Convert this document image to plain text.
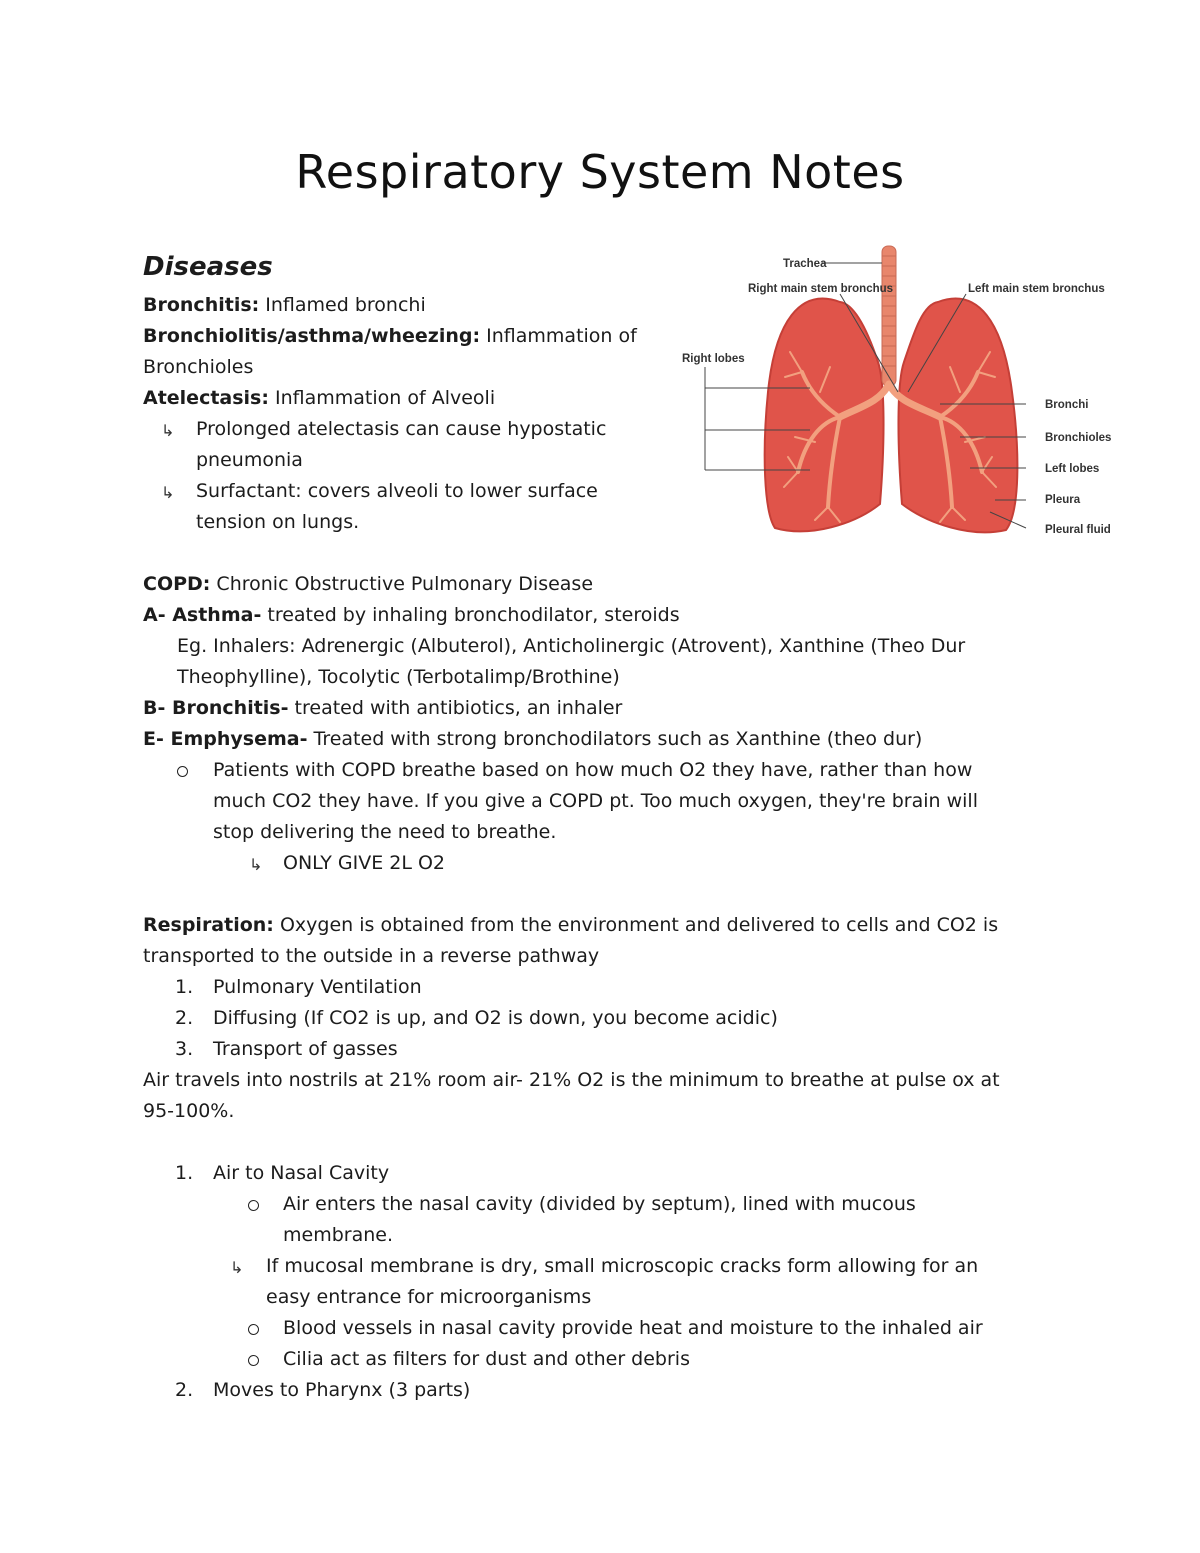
Respiratory System Notes
Diseases
Bronchitis: Inflamed bronchi
Bronchiolitis/asthma/wheezing: Inflammation of
Bronchioles
Atelectasis: Inflammation of Alveoli
↳ Prolonged atelectasis can cause hypostatic
pneumonia
↳ Surfactant: covers alveoli to lower surface
tension on lungs.
Trachea
Right main stem bronchus	Left main stem bronchus
Right lobes
Bronchi
Bronchioles
Left lobes
Pleura
Pleural fluid
COPD: Chronic Obstructive Pulmonary Disease
A- Asthma- treated by inhaling bronchodilator, steroids
Eg. Inhalers: Adrenergic (Albuterol), Anticholinergic (Atrovent), Xanthine (Theo Dur
Theophylline), Tocolytic (Terbotalimp/Brothine)
B- Bronchitis- treated with antibiotics, an inhaler
E- Emphysema- Treated with strong bronchodilators such as Xanthine (theo dur)
Patients with COPD breathe based on how much O2 they have, rather than how
much CO2 they have. If you give a COPD pt. Too much oxygen, they're brain will
stop delivering the need to breathe.
↳ ONLY GIVE 2L O2
Respiration: Oxygen is obtained from the environment and delivered to cells and CO2 is
transported to the outside in a reverse pathway
1. Pulmonary Ventilation
2. Diffusing (If CO2 is up, and O2 is down, you become acidic)
3. Transport of gasses
Air travels into nostrils at 21% room air- 21% O2 is the minimum to breathe at pulse ox at
95-100%.
1. Air to Nasal Cavity
Air enters the nasal cavity (divided by septum), lined with mucous
membrane.
↳ If mucosal membrane is dry, small microscopic cracks form allowing for an
easy entrance for microorganisms
Blood vessels in nasal cavity provide heat and moisture to the inhaled air
Cilia act as filters for dust and other debris
2. Moves to Pharynx (3 parts)
